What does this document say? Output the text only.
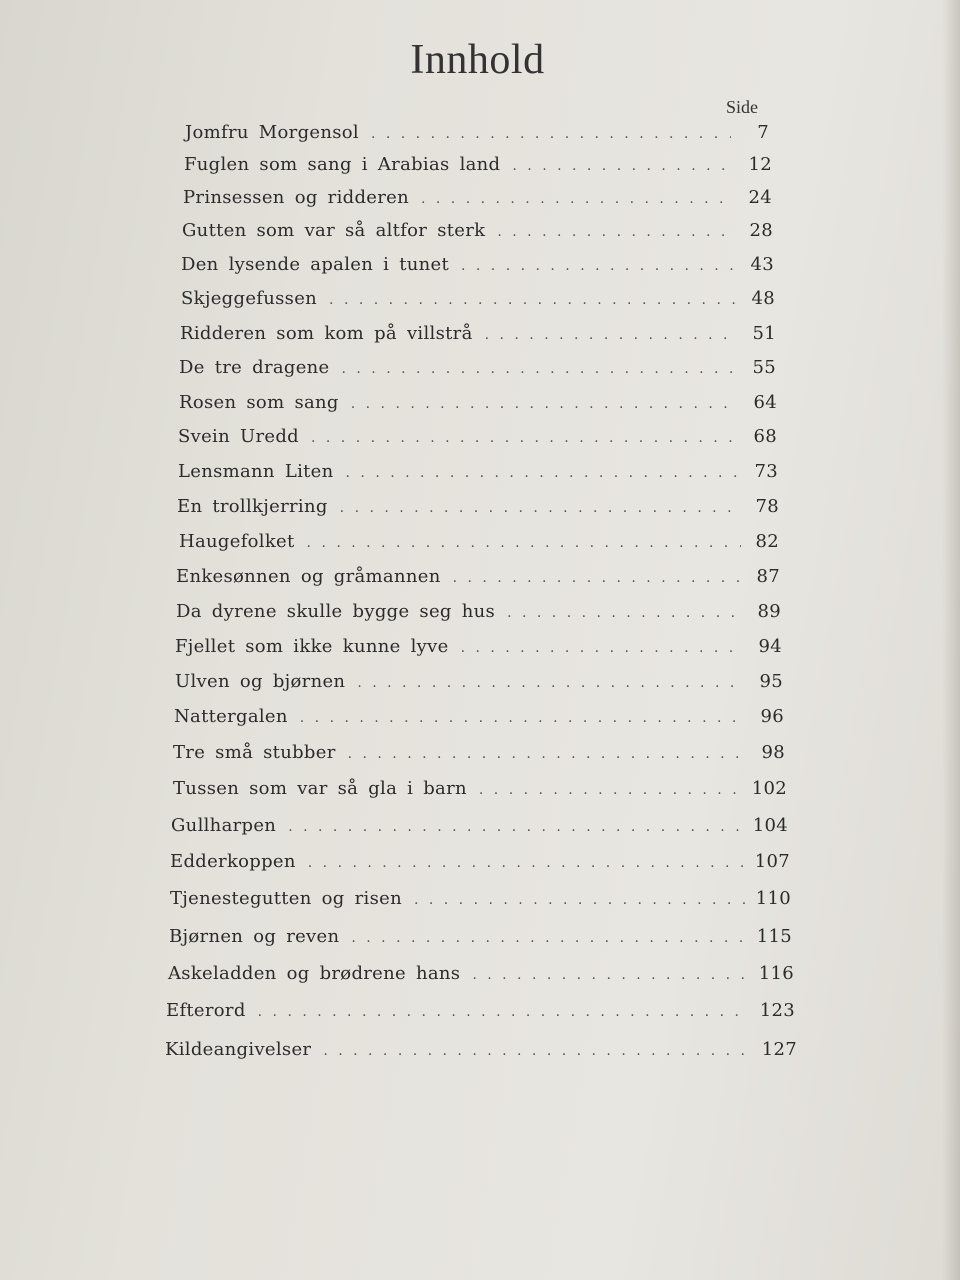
Innhold
Side
Jomfru Morgensol . . .	7
Fuglen som sang i Arabias land . . .	12
Prinsessen og ridderen . . .	24
Gutten som var så altfor sterk . . .	28
Den lysende apalen i tunet . . .	43
Skjeggefussen . . .	48
Ridderen som kom på villstrå . . .	51
De tre dragene . . .	55
Rosen som sang . . .	64
Svein Uredd . . .	68
Lensmann Liten . . .	73
En trollkjerring . . .	78
Haugefolket . . .	82
Enkesønnen og gråmannen . . .	87
Da dyrene skulle bygge seg hus . . .	89
Fjellet som ikke kunne lyve . . .	94
Ulven og bjørnen . . .	95
Nattergalen . . .	96
Tre små stubber . . .	98
Tussen som var så gla i barn . . .	102
Gullharpen . . .	104
Edderkoppen . . .	107
Tjenestegutten og risen . . .	110
Bjørnen og reven . . .	115
Askeladden og brødrene hans . . .	116
Efterord . . .	123
Kildeangivelser . . .	127
